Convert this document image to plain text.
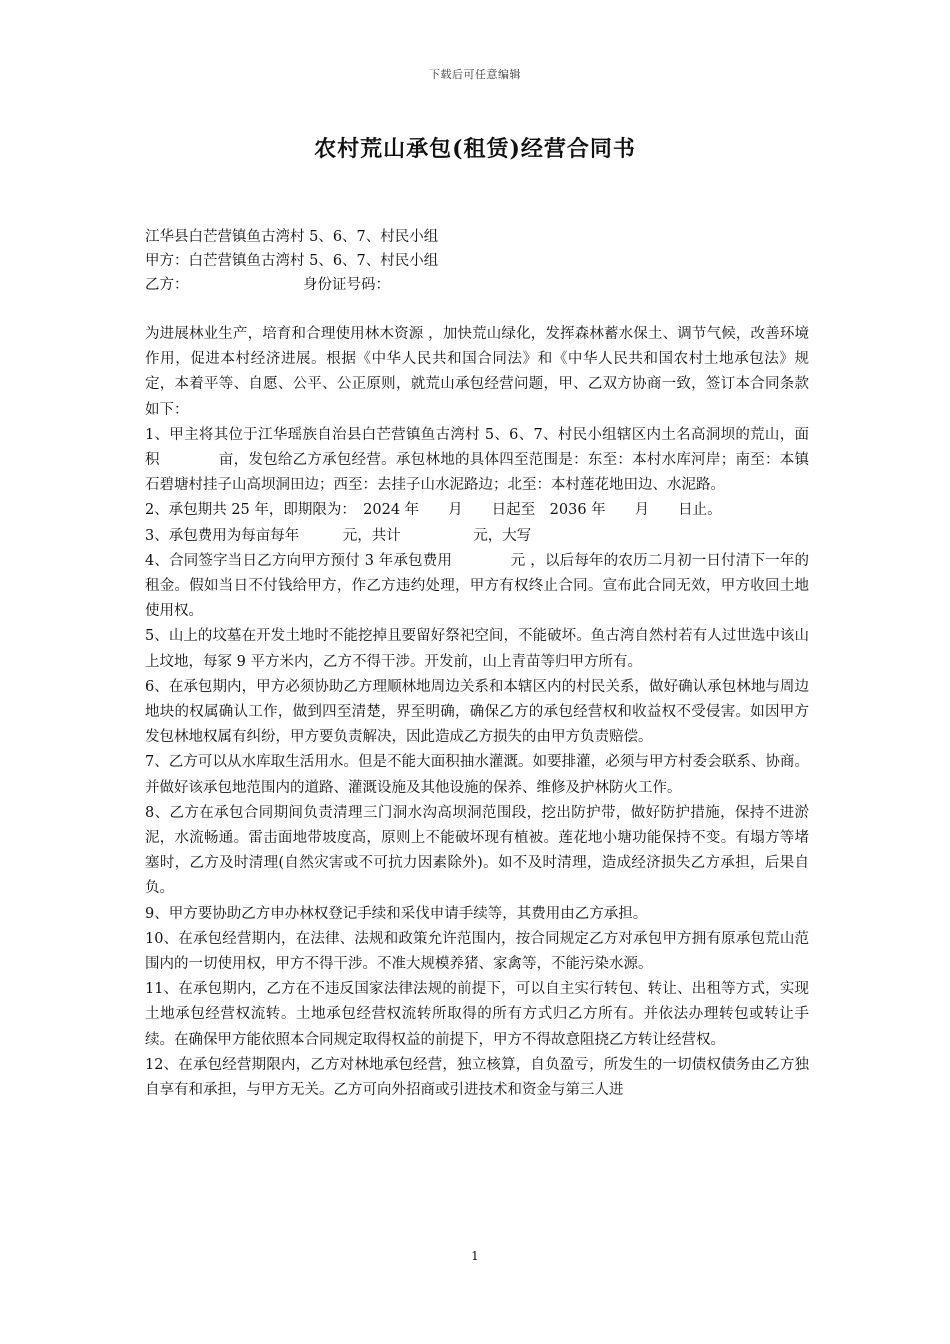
下载后可任意编辑
农村荒山承包(租赁)经营合同书
江华县白芒营镇鱼古湾村 5、6、7、村民小组
甲方：白芒营镇鱼古湾村 5、6、7、村民小组
乙方：	身份证号码：

为进展林业生产，培育和合理使用林木资源 ，加快荒山绿化，发挥森林蓄水保土、调节气候，改善环境作用，促进本村经济进展。根据《中华人民共和国合同法》和《中华人民共和国农村土地承包法》规定，本着平等、自愿、公平、公正原则，就荒山承包经营问题，甲、乙双方协商一致，签订本合同条款如下：

1、甲主将其位于江华瑶族自治县白芒营镇鱼古湾村 5、6、7、村民小组辖区内土名高洞坝的荒山，面积　　　　亩，发包给乙方承包经营。承包林地的具体四至范围是：东至：本村水库河岸；南至：本镇石碧塘村挂子山高坝洞田边；西至：去挂子山水泥路边；北至：本村莲花地田边、水泥路。

2、承包期共 25 年，即期限为：　2024 年　　月　　日起至　2036 年　　月　　日止。

3、承包费用为每亩每年　　　元，共计　　　　　元，大写

4、合同签字当日乙方向甲方预付 3 年承包费用　　　　元 ，以后每年的农历二月初一日付清下一年的租金。假如当日不付钱给甲方，作乙方违约处理，甲方有权终止合同。宣布此合同无效，甲方收回土地使用权。

5、山上的坟墓在开发土地时不能挖掉且要留好祭祀空间，不能破坏。鱼古湾自然村若有人过世选中该山上坟地，每冢 9 平方米内，乙方不得干涉。开发前，山上青苗等归甲方所有。

6、在承包期内，甲方必须协助乙方理顺林地周边关系和本辖区内的村民关系，做好确认承包林地与周边地块的权属确认工作，做到四至清楚，界至明确，确保乙方的承包经营权和收益权不受侵害。如因甲方发包林地权属有纠纷，甲方要负责解决，因此造成乙方损失的由甲方负责赔偿。

7、乙方可以从水库取生活用水。但是不能大面积抽水灌溉。如要排灌，必须与甲方村委会联系、协商。并做好该承包地范围内的道路、灌溉设施及其他设施的保养、维修及护林防火工作。

8、乙方在承包合同期间负责清理三门洞水沟高坝洞范围段，挖出防护带，做好防护措施，保持不进淤泥，水流畅通。雷击面地带坡度高，原则上不能破坏现有植被。莲花地小塘功能保持不变。有塌方等堵塞时，乙方及时清理(自然灾害或不可抗力因素除外)。如不及时清理，造成经济损失乙方承担，后果自负。

9、甲方要协助乙方申办林权登记手续和采伐申请手续等，其费用由乙方承担。

10、在承包经营期内，在法律、法规和政策允许范围内，按合同规定乙方对承包甲方拥有原承包荒山范围内的一切使用权，甲方不得干涉。不准大规模养猪、家禽等，不能污染水源。

11、在承包期内，乙方在不违反国家法律法规的前提下，可以自主实行转包、转让、出租等方式，实现土地承包经营权流转。土地承包经营权流转所取得的所有方式归乙方所有。并依法办理转包或转让手续。在确保甲方能依照本合同规定取得权益的前提下，甲方不得故意阻挠乙方转让经营权。

12、在承包经营期限内，乙方对林地承包经营，独立核算，自负盈亏，所发生的一切债权债务由乙方独自享有和承担，与甲方无关。乙方可向外招商或引进技术和资金与第三人进

1
